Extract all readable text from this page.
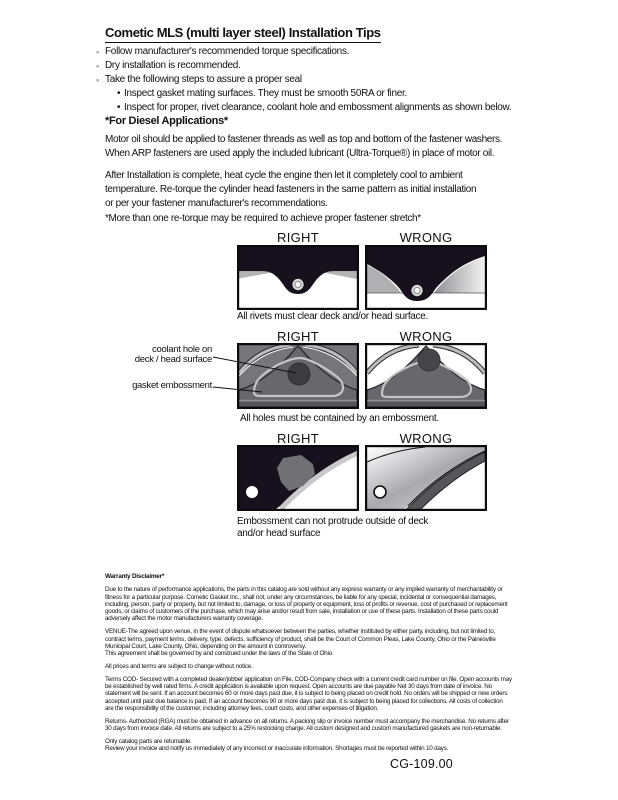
Cometic MLS (multi layer steel) Installation Tips
◦ Follow manufacturer's recommended torque specifications.
◦ Dry installation is recommended.
◦ Take the following steps to assure a proper seal
• Inspect gasket mating surfaces. They must be smooth 50RA or finer.
• Inspect for proper, rivet clearance, coolant hole and embossment alignments as shown below.
*For Diesel Applications*
Motor oil should be applied to fastener threads as well as top and bottom of the fastener washers.
When ARP fasteners are used apply the included lubricant (Ultra-Torque®) in place of motor oil.
After Installation is complete, heat cycle the engine then let it completely cool to ambient
temperature. Re-torque the cylinder head fasteners in the same pattern as initial installation
or per your fastener manufacturer's recommendations.
*More than one re-torque may be required to achieve proper fastener stretch*
RIGHT	WRONG
All rivets must clear deck and/or head surface.
RIGHT	WRONG
coolant hole on
deck / head surface
gasket embossment
All holes must be contained by an embossment.
RIGHT	WRONG
Embossment can not protrude outside of deck
and/or head surface
Warranty Disclaimer*

Due to the nature of performance applications, the parts in this catalog are sold without any express warranty or any implied warranty of merchantability or
fitness for a particular purpose. Cometic Gasket Inc., shall not, under any circumstances, be liable for any special, incidental or consequential damages,
including, person, party or property, but not limited to, damage, or loss of property or equipment, loss of profits or revenue, cost of purchased or replacement
goods, or claims of customers of the purchase, which may arise and/or result from sale, installation or use of these parts. Installation of these parts could
adversely affect the motor manufacturers warranty coverage.

VENUE-The agreed upon venue, in the event of dispute whatsoever between the parties, whether instituted by either party, including, but not limited to,
contract terms, payment terms, delivery, type, defects, sufficiency of product, shall be the Court of Common Pleas, Lake County, Ohio or the Painesville
Municipal Court, Lake County, Ohio, depending on the amount in controversy.
This agreement shall be governed by and construed under the laws of the State of Ohio.

All prices and terms are subject to change without notice.

Terms COD- Secured with a completed dealer/jobber application on File, COD-Company check with a current credit card number on file. Open accounts may
be established by well rated firms. A credit application is available upon request. Open accounts are due payable Net 30 days from date of invoice. No
statement will be sent. If an account becomes 60 or more days past due, it is subject to being placed on credit hold. No orders will be shipped or new orders
accepted until past due balance is paid. If an account becomes 90 or more days past due, it is subject to being placed for collections. All costs of collection
are the responsibility of the customer, including attorney fees, court costs, and other expenses of litigation.

Returns- Authorized (RGA) must be obtained in advance on all returns. A packing slip or invoice number must accompany the merchandise. No returns after
30 days from invoice date. All returns are subject to a 25% restocking charge. All custom designed and custom manufactured gaskets are non-returnable.

Only catalog parts are returnable.
Review your invoice and notify us immediately of any incorrect or inaccurate information. Shortages must be reported within 10 days.

CG-109.00
